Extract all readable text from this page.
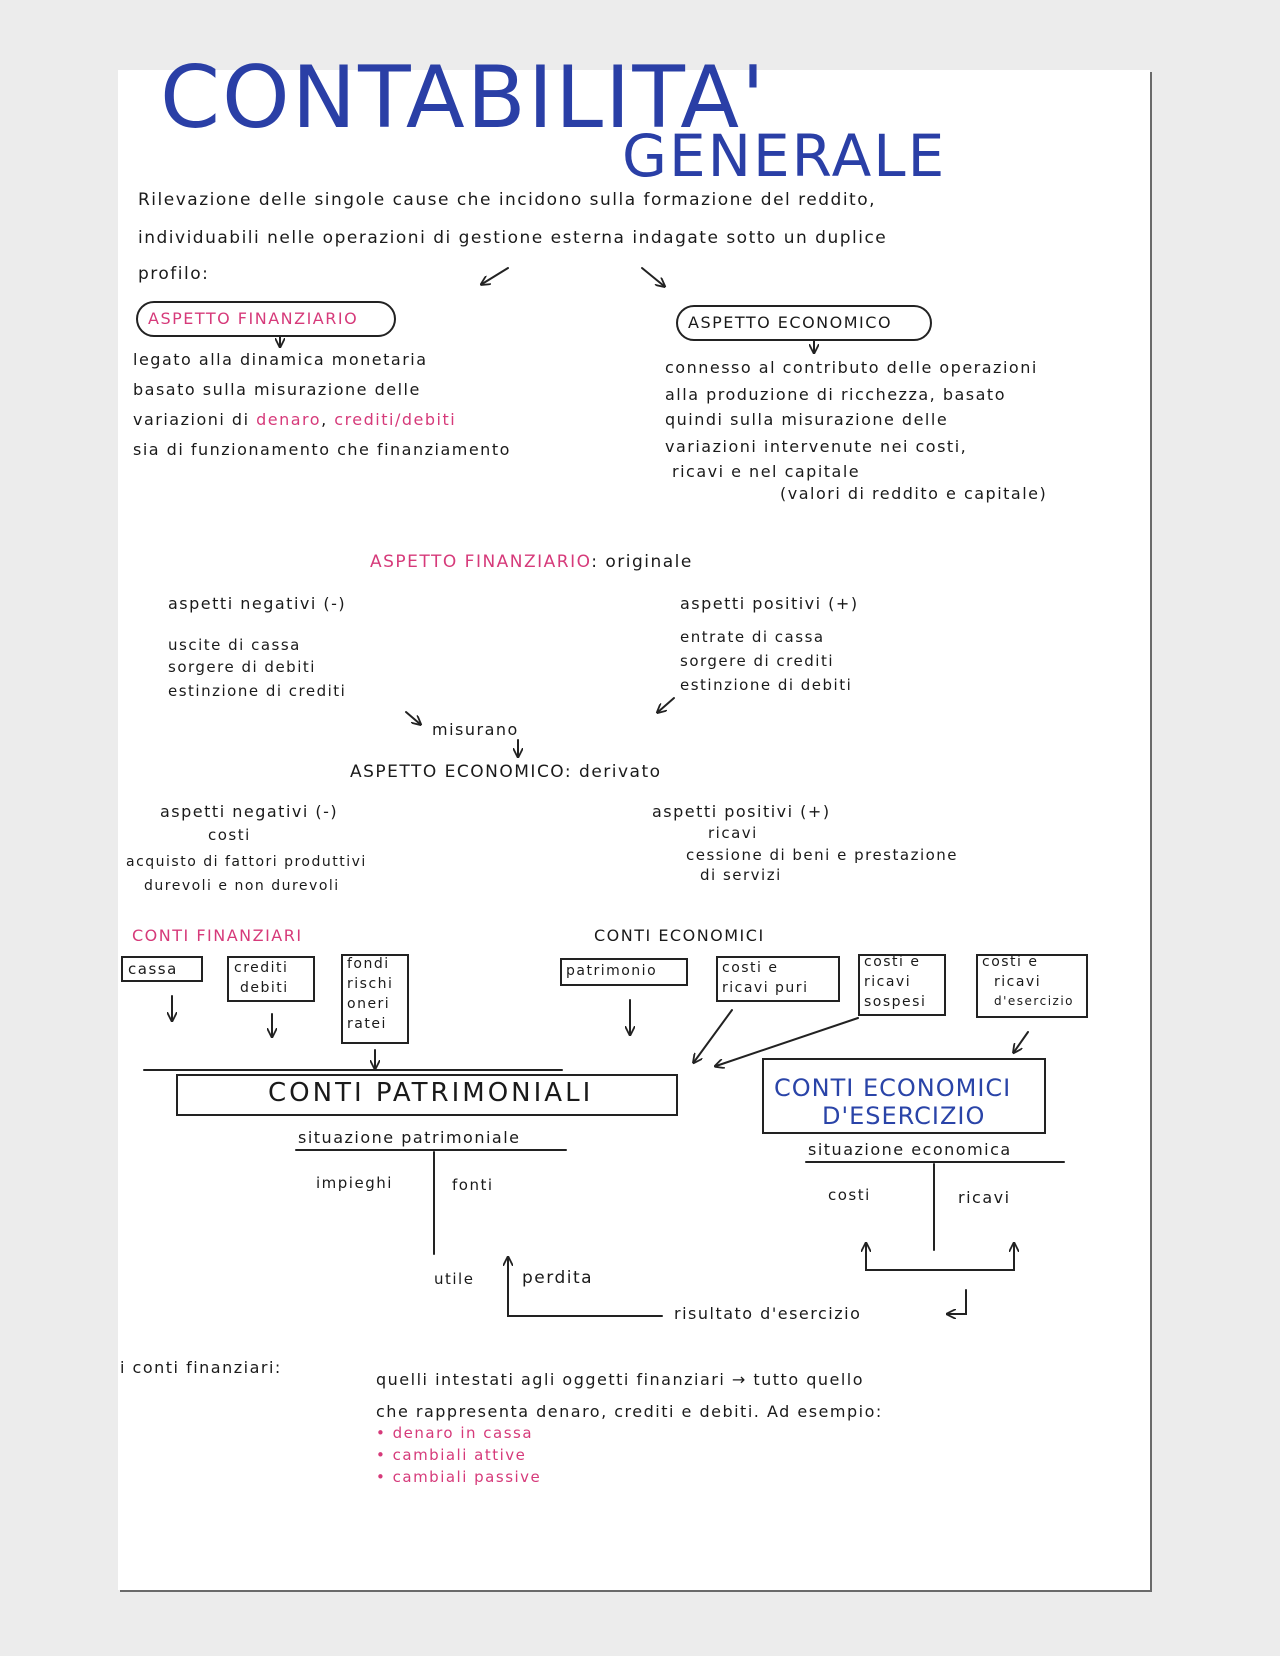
CONTABILITA'
GENERALE
Rilevazione delle singole cause che incidono sulla formazione del reddito,
individuabili nelle operazioni di gestione esterna indagate sotto un duplice
profilo:
ASPETTO FINANZIARIO
legato alla dinamica monetaria
basato sulla misurazione delle
variazioni di denaro, crediti/debiti
sia di funzionamento che finanziamento
ASPETTO ECONOMICO
connesso al contributo delle operazioni
alla produzione di ricchezza, basato
quindi sulla misurazione delle
variazioni intervenute nei costi,
ricavi e nel capitale
(valori di reddito e capitale)
ASPETTO FINANZIARIO: originale
aspetti negativi (-)
uscite di cassa
sorgere di debiti
estinzione di crediti
aspetti positivi (+)
entrate di cassa
sorgere di crediti
estinzione di debiti
misurano
ASPETTO ECONOMICO: derivato
aspetti negativi (-)
costi
acquisto di fattori produttivi
durevoli e non durevoli
aspetti positivi (+)
ricavi
cessione di beni e prestazione
di servizi
CONTI FINANZIARI	CONTI ECONOMICI
cassa	crediti
debiti
fondi
rischi
oneri
ratei
patrimonio	costi e
ricavi puri
costi e
ricavi
sospesi
costi e
ricavi
d'esercizio
CONTI PATRIMONIALI	CONTI ECONOMICI
D'ESERCIZIO
situazione patrimoniale
impieghi	fonti
utile	perdita
situazione economica
costi	ricavi
risultato d'esercizio
i conti finanziari:
quelli intestati agli oggetti finanziari → tutto quello
che rappresenta denaro, crediti e debiti. Ad esempio:
• denaro in cassa
• cambiali attive
• cambiali passive
